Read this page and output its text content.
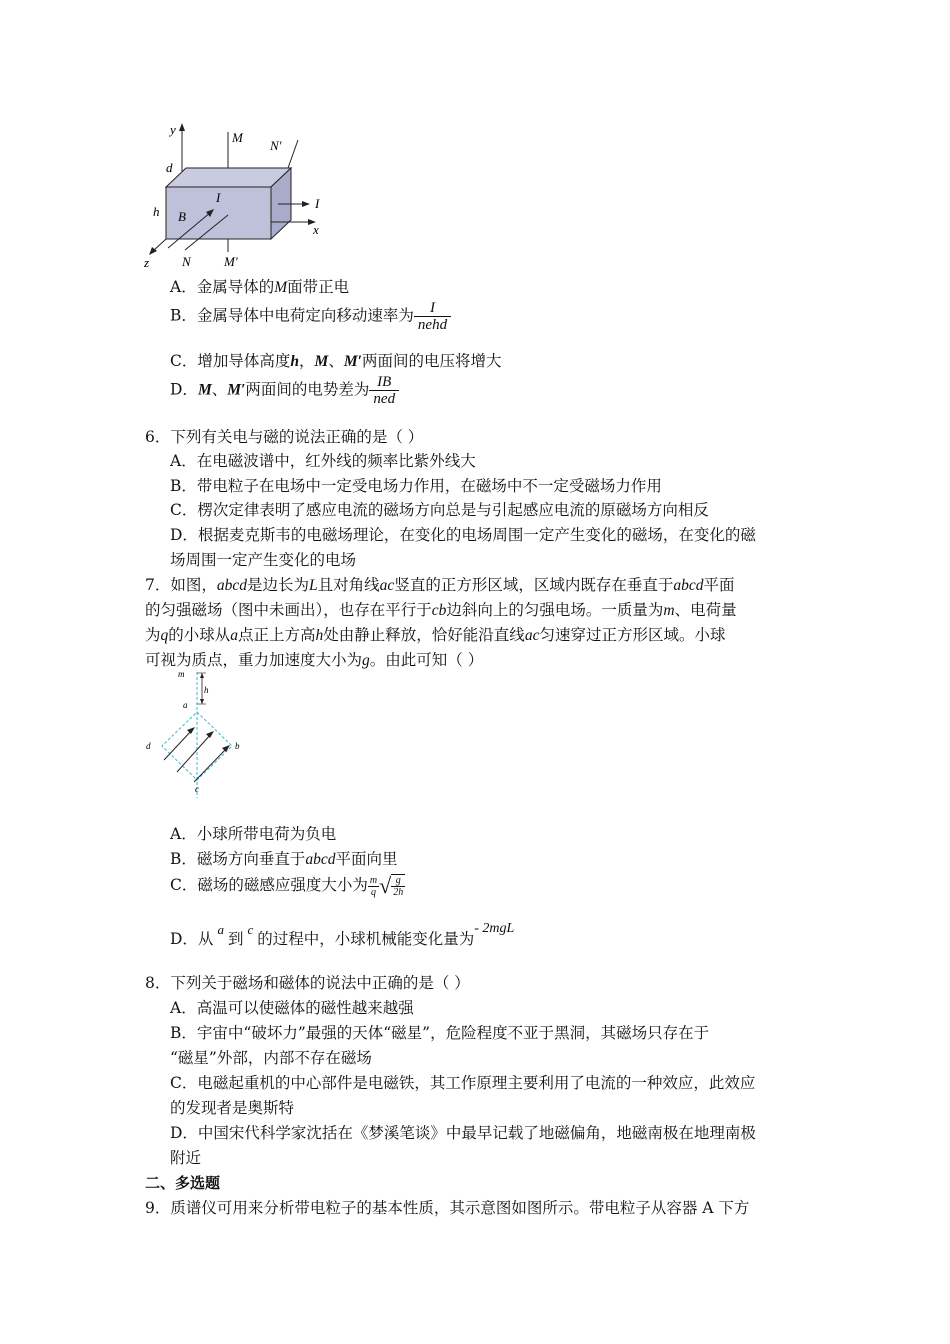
y
d
M
N′
I	I
x
h B
N
z	M′
A．金属导体的M面带正电
B．金属导体中电荷定向移动速率为 $\frac{I}{\text{nehd}}$
C．增加导体高度h，M、M′两面间的电压将增大
D．M、M′两面间的电势差为 $\frac{IB}{\text{ned}}$
6．下列有关电与磁的说法正确的是（ ）
A．在电磁波谱中，红外线的频率比紫外线大
B．带电粒子在电场中一定受电场力作用，在磁场中不一定受磁场力作用
C．楞次定律表明了感应电流的磁场方向总是与引起感应电流的原磁场方向相反
D．根据麦克斯韦的电磁场理论，在变化的电场周围一定产生变化的磁场，在变化的磁
场周围一定产生变化的电场
7．如图，abcd是边长为L且对角线ac竖直的正方形区域，区域内既存在垂直于abcd平面
的匀强磁场（图中未画出），也存在平行于cb边斜向上的匀强电场。一质量为m、电荷量
为q的小球从a点正上方高h处由静止释放，恰好能沿直线ac匀速穿过正方形区域。小球
可视为质点，重力加速度大小为g。由此可知（ ）
m
h
a
b
d
c
A．小球所带电荷为负电
B．磁场方向垂直于abcd平面向里
C．磁场的磁感应强度大小为 $\frac{m}{q}$ √ $\frac{g}{2h}$
D．从$^a$到$^c$的过程中，小球机械能变化量为- 2mgL
8．下列关于磁场和磁体的说法中正确的是（ ）
A．高温可以使磁体的磁性越来越强
B．宇宙中“破坏力”最强的天体“磁星”，危险程度不亚于黑洞，其磁场只存在于
“磁星”外部，内部不存在磁场
C．电磁起重机的中心部件是电磁铁，其工作原理主要利用了电流的一种效应，此效应
的发现者是奥斯特
D．中国宋代科学家沈括在《梦溪笔谈》中最早记载了地磁偏角，地磁南极在地理南极
附近
二、多选题
9．质谱仪可用来分析带电粒子的基本性质，其示意图如图所示。带电粒子从容器 A 下方
